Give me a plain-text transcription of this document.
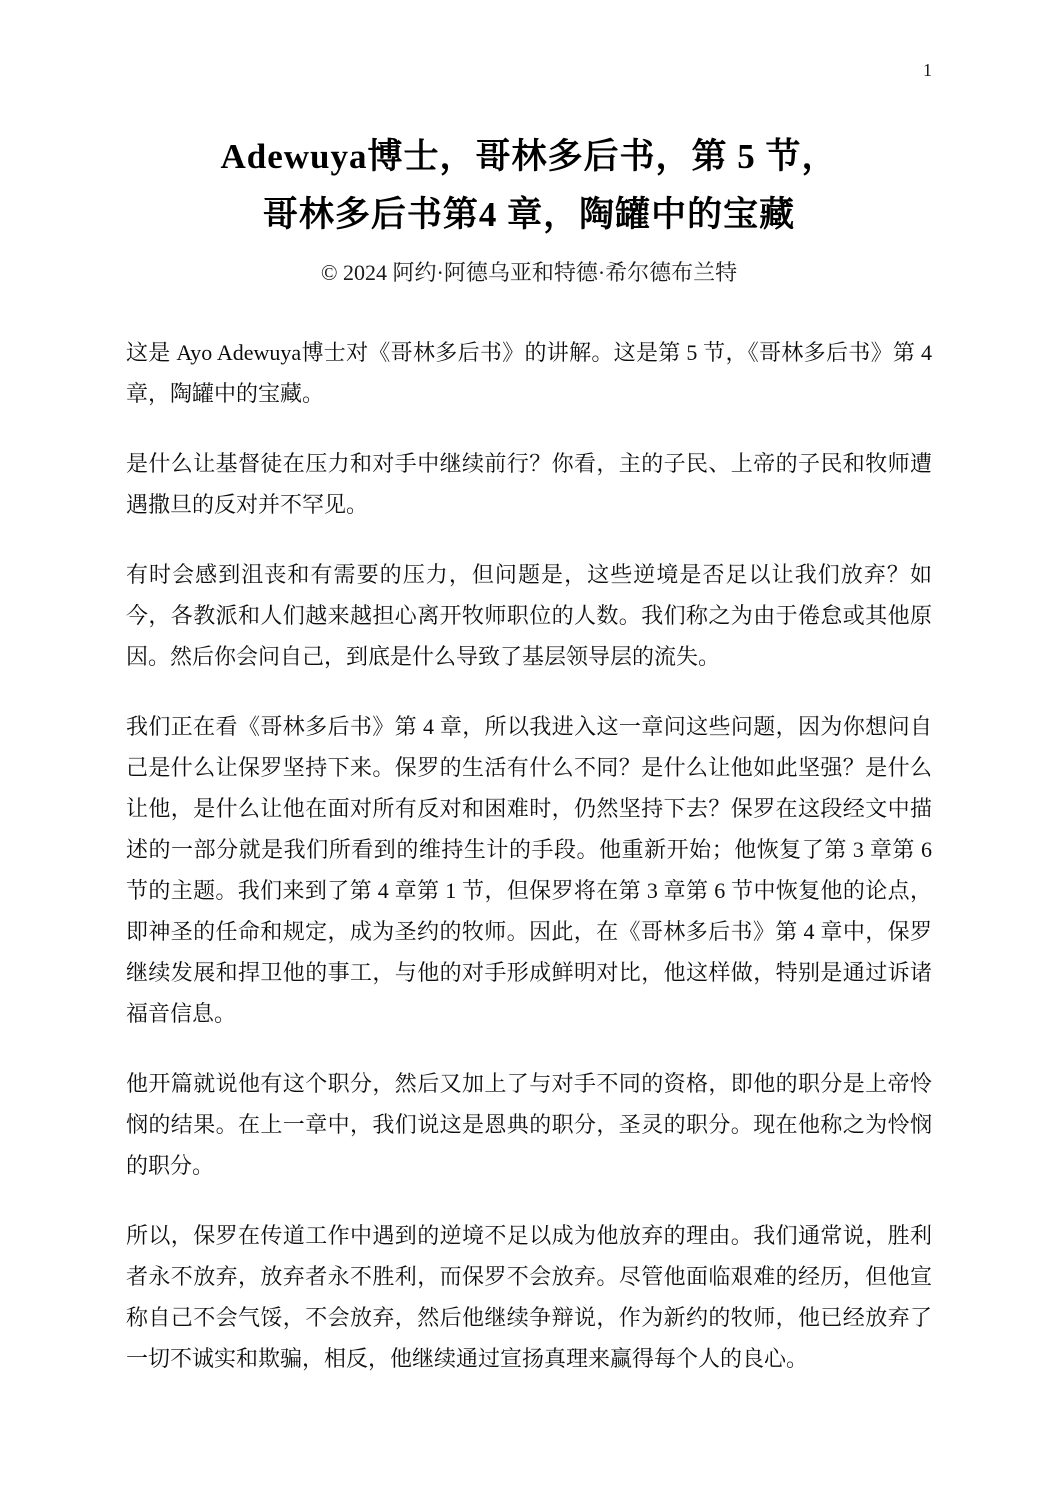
1
Adewuya博士，哥林多后书，第 5 节，
哥林多后书第4 章，陶罐中的宝藏
© 2024 阿约·阿德乌亚和特德·希尔德布兰特

这是 Ayo Adewuya博士对《哥林多后书》的讲解。这是第 5 节，《哥林多后书》第 4 章，陶罐中的宝藏。

是什么让基督徒在压力和对手中继续前行？你看，主的子民、上帝的子民和牧师遭遇撒旦的反对并不罕见。

有时会感到沮丧和有需要的压力，但问题是，这些逆境是否足以让我们放弃？如今，各教派和人们越来越担心离开牧师职位的人数。我们称之为由于倦怠或其他原因。然后你会问自己，到底是什么导致了基层领导层的流失。

我们正在看《哥林多后书》第 4 章，所以我进入这一章问这些问题，因为你想问自己是什么让保罗坚持下来。保罗的生活有什么不同？是什么让他如此坚强？是什么让他，是什么让他在面对所有反对和困难时，仍然坚持下去？保罗在这段经文中描述的一部分就是我们所看到的维持生计的手段。他重新开始；他恢复了第 3 章第 6 节的主题。我们来到了第 4 章第 1 节，但保罗将在第 3 章第 6 节中恢复他的论点，即神圣的任命和规定，成为圣约的牧师。因此，在《哥林多后书》第 4 章中，保罗继续发展和捍卫他的事工，与他的对手形成鲜明对比，他这样做，特别是通过诉诸福音信息。

他开篇就说他有这个职分，然后又加上了与对手不同的资格，即他的职分是上帝怜悯的结果。在上一章中，我们说这是恩典的职分，圣灵的职分。现在他称之为怜悯的职分。

所以，保罗在传道工作中遇到的逆境不足以成为他放弃的理由。我们通常说，胜利者永不放弃，放弃者永不胜利，而保罗不会放弃。尽管他面临艰难的经历，但他宣称自己不会气馁，不会放弃，然后他继续争辩说，作为新约的牧师，他已经放弃了一切不诚实和欺骗，相反，他继续通过宣扬真理来赢得每个人的良心。
